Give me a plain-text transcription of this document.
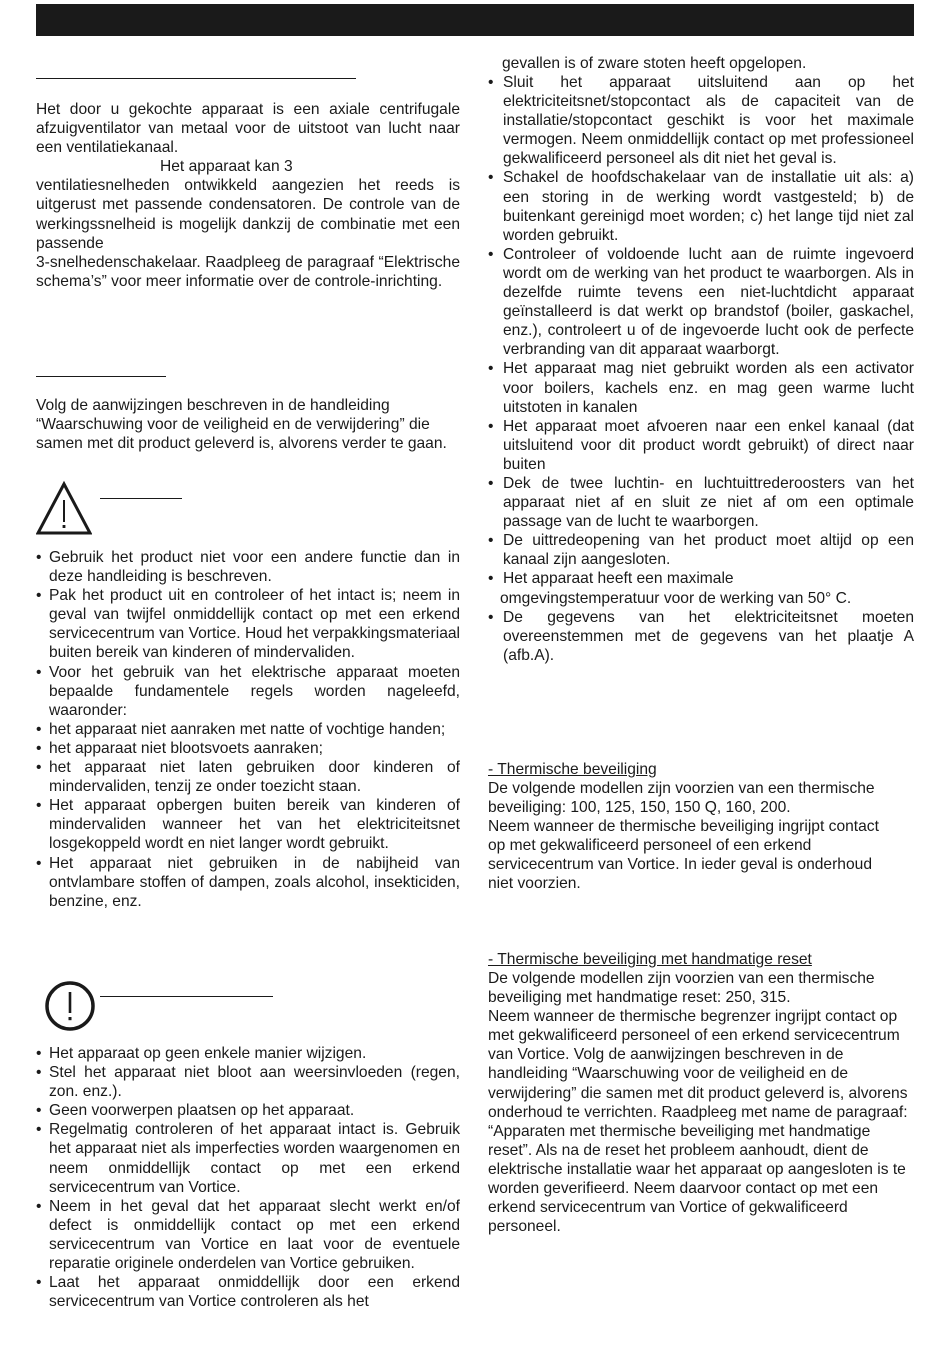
Het door u gekochte apparaat is een axiale centrifugale afzuigventilator van metaal voor de uitstoot van lucht naar een ventilatiekanaal.
Het apparaat kan 3
ventilatiesnelheden ontwikkeld aangezien het reeds is uitgerust met passende condensatoren. De controle van de werkingssnelheid is mogelijk dankzij de combinatie met een passende
3-snelhedenschakelaar. Raadpleeg de paragraaf “Elektrische schema’s” voor meer informatie over de controle-inrichting.

Volg de aanwijzingen beschreven in de handleiding “Waarschuwing voor de veiligheid en de verwijdering” die samen met dit product geleverd is, alvorens verder te gaan.

• Gebruik het product niet voor een andere functie dan in deze handleiding is beschreven.
• Pak het product uit en controleer of het intact is; neem in geval van twijfel onmiddellijk contact op met een erkend servicecentrum van Vortice. Houd het verpakkingsmateriaal buiten bereik van kinderen of mindervaliden.
• Voor het gebruik van het elektrische apparaat moeten bepaalde fundamentele regels worden nageleefd, waaronder:
• het apparaat niet aanraken met natte of vochtige handen;
• het apparaat niet blootsvoets aanraken;
• het apparaat niet laten gebruiken door kinderen of mindervaliden, tenzij ze onder toezicht staan.
• Het apparaat opbergen buiten bereik van kinderen of mindervaliden wanneer het van het elektriciteitsnet losgekoppeld wordt en niet langer wordt gebruikt.
• Het apparaat niet gebruiken in de nabijheid van ontvlambare stoffen of dampen, zoals alcohol, insekticiden, benzine, enz.
• Het apparaat op geen enkele manier wijzigen.
• Stel het apparaat niet bloot aan weersinvloeden (regen, zon. enz.).
• Geen voorwerpen plaatsen op het apparaat.
• Regelmatig controleren of het apparaat intact is. Gebruik het apparaat niet als imperfecties worden waargenomen en neem onmiddellijk contact op met een erkend servicecentrum van Vortice.
• Neem in het geval dat het apparaat slecht werkt en/of defect is onmiddellijk contact op met een erkend servicecentrum van Vortice en laat voor de eventuele reparatie originele onderdelen van Vortice gebruiken.
• Laat het apparaat onmiddellijk door een erkend servicecentrum van Vortice controleren als het

gevallen is of zware stoten heeft opgelopen.

• Sluit het apparaat uitsluitend aan op het elektriciteitsnet/stopcontact als de capaciteit van de installatie/stopcontact geschikt is voor het maximale vermogen. Neem onmiddellijk contact op met professioneel gekwalificeerd personeel als dit niet het geval is.
• Schakel de hoofdschakelaar van de installatie uit als: a) een storing in de werking wordt vastgesteld; b) de buitenkant gereinigd moet worden; c) het lange tijd niet zal worden gebruikt.
• Controleer of voldoende lucht aan de ruimte ingevoerd wordt om de werking van het product te waarborgen. Als in dezelfde ruimte tevens een niet-luchtdicht apparaat geïnstalleerd is dat werkt op brandstof (boiler, gaskachel, enz.), controleert u of de ingevoerde lucht ook de perfecte verbranding van dit apparaat waarborgt.
• Het apparaat mag niet gebruikt worden als een activator voor boilers, kachels enz. en mag geen warme lucht uitstoten in kanalen
• Het apparaat moet afvoeren naar een enkel kanaal (dat uitsluitend voor dit product wordt gebruikt) of direct naar buiten
• Dek de twee luchtin- en luchtuittrederoosters van het apparaat niet af en sluit ze niet af om een optimale passage van de lucht te waarborgen.
• De uittredeopening van het product moet altijd op een kanaal zijn aangesloten.
• Het apparaat heeft een maximale
omgevingstemperatuur voor de werking van 50° C.
• De gegevens van het elektriciteitsnet moeten overeenstemmen met de gegevens van het plaatje A (afb.A).

- Thermische beveiliging

De volgende modellen zijn voorzien van een thermische beveiliging: 100, 125, 150, 150 Q, 160, 200.
Neem wanneer de thermische beveiliging ingrijpt contact op met gekwalificeerd personeel of een erkend servicecentrum van Vortice. In ieder geval is onderhoud niet voorzien.

- Thermische beveiliging met handmatige reset

De volgende modellen zijn voorzien van een thermische beveiliging met handmatige reset: 250, 315.
Neem wanneer de thermische begrenzer ingrijpt contact op met gekwalificeerd personeel of een erkend servicecentrum van Vortice. Volg de aanwijzingen beschreven in de handleiding “Waarschuwing voor de veiligheid en de verwijdering” die samen met dit product geleverd is, alvorens onderhoud te verrichten. Raadpleeg met name de paragraaf: “Apparaten met thermische beveiliging met handmatige reset”. Als na de reset het probleem aanhoudt, dient de elektrische installatie waar het apparaat op aangesloten is te worden geverifieerd. Neem daarvoor contact op met een erkend servicecentrum van Vortice of gekwalificeerd personeel.
